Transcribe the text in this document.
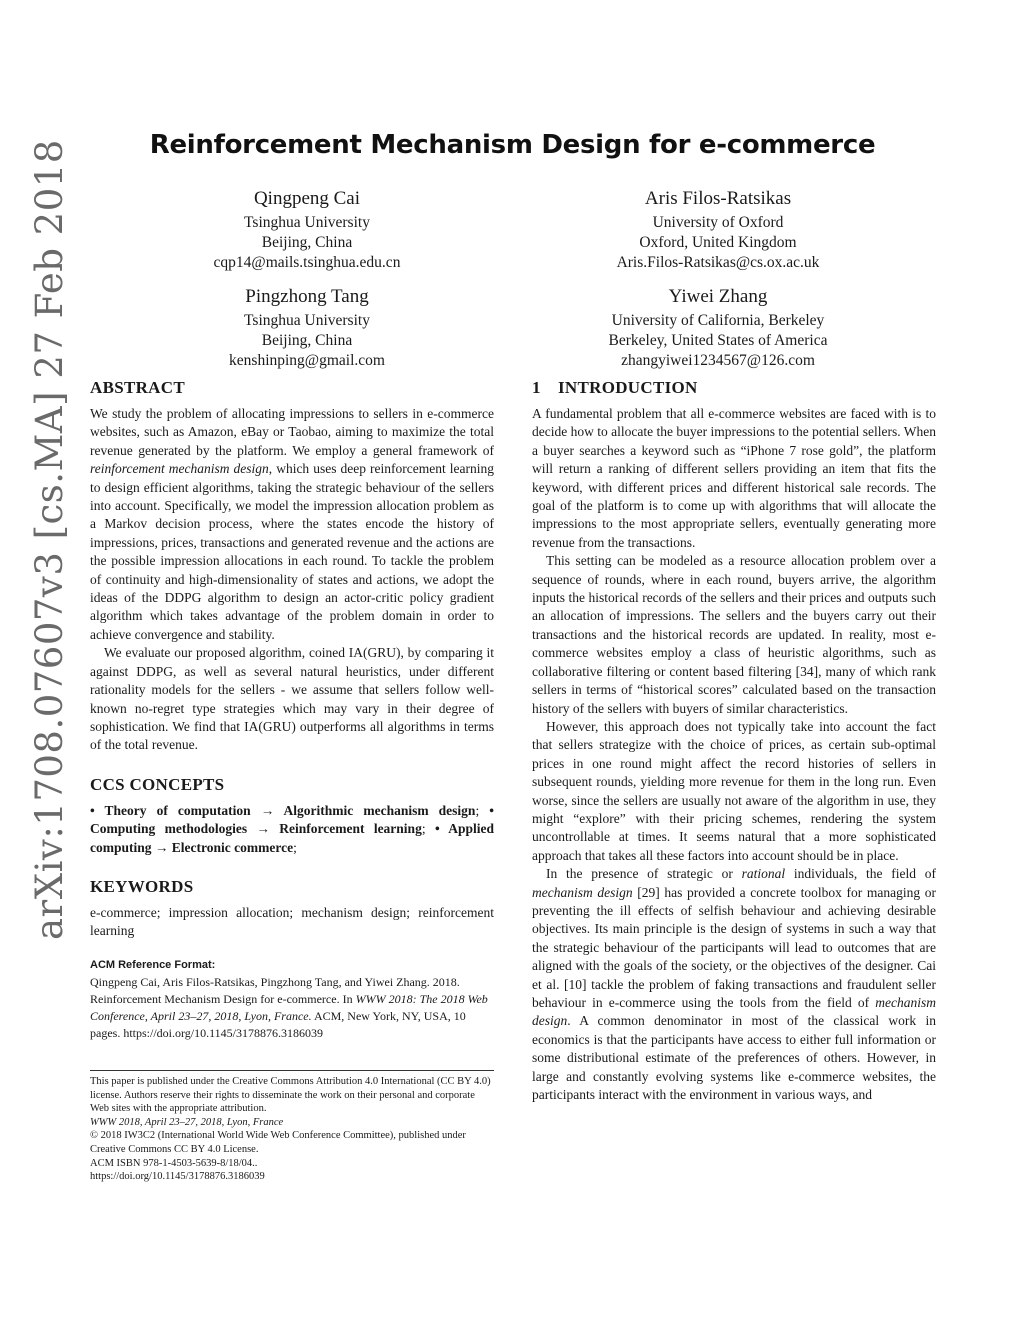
arXiv:1708.07607v3 [cs.MA] 27 Feb 2018	Reinforcement Mechanism Design for e-commerce
Qingpeng Cai
Tsinghua University
Beijing, China
cqp14@mails.tsinghua.edu.cn
Aris Filos-Ratsikas
University of Oxford
Oxford, United Kingdom
Aris.Filos-Ratsikas@cs.ox.ac.uk
Pingzhong Tang
Tsinghua University
Beijing, China
kenshinping@gmail.com
Yiwei Zhang
University of California, Berkeley
Berkeley, United States of America
zhangyiwei1234567@126.com
ABSTRACT

We study the problem of allocating impressions to sellers in e-commerce websites, such as Amazon, eBay or Taobao, aiming to maximize the total revenue generated by the platform. We employ a general framework of reinforcement mechanism design, which uses deep reinforcement learning to design efficient algorithms, taking the strategic behaviour of the sellers into account. Specifically, we model the impression allocation problem as a Markov decision process, where the states encode the history of impressions, prices, transactions and generated revenue and the actions are the possible impression allocations in each round. To tackle the problem of continuity and high-dimensionality of states and actions, we adopt the ideas of the DDPG algorithm to design an actor-critic policy gradient algorithm which takes advantage of the problem domain in order to achieve convergence and stability.

We evaluate our proposed algorithm, coined IA(GRU), by comparing it against DDPG, as well as several natural heuristics, under different rationality models for the sellers - we assume that sellers follow well-known no-regret type strategies which may vary in their degree of sophistication. We find that IA(GRU) outperforms all algorithms in terms of the total revenue.

CCS CONCEPTS
• Theory of computation → Algorithmic mechanism design; • Computing methodologies → Reinforcement learning; • Applied computing → Electronic commerce;
KEYWORDS

e-commerce; impression allocation; mechanism design; reinforcement learning

ACM Reference Format:
Qingpeng Cai, Aris Filos-Ratsikas, Pingzhong Tang, and Yiwei Zhang. 2018. Reinforcement Mechanism Design for e-commerce. In WWW 2018: The 2018 Web Conference, April 23–27, 2018, Lyon, France. ACM, New York, NY, USA, 10 pages. https://doi.org/10.1145/3178876.3186039
This paper is published under the Creative Commons Attribution 4.0 International (CC BY 4.0) license. Authors reserve their rights to disseminate the work on their personal and corporate Web sites with the appropriate attribution.
WWW 2018, April 23–27, 2018, Lyon, France
© 2018 IW3C2 (International World Wide Web Conference Committee), published under Creative Commons CC BY 4.0 License.
ACM ISBN 978-1-4503-5639-8/18/04..
https://doi.org/10.1145/3178876.3186039
1 INTRODUCTION

A fundamental problem that all e-commerce websites are faced with is to decide how to allocate the buyer impressions to the potential sellers. When a buyer searches a keyword such as “iPhone 7 rose gold”, the platform will return a ranking of different sellers providing an item that fits the keyword, with different prices and different historical sale records. The goal of the platform is to come up with algorithms that will allocate the impressions to the most appropriate sellers, eventually generating more revenue from the transactions.

This setting can be modeled as a resource allocation problem over a sequence of rounds, where in each round, buyers arrive, the algorithm inputs the historical records of the sellers and their prices and outputs such an allocation of impressions. The sellers and the buyers carry out their transactions and the historical records are updated. In reality, most e-commerce websites employ a class of heuristic algorithms, such as collaborative filtering or content based filtering [34], many of which rank sellers in terms of “historical scores” calculated based on the transaction history of the sellers with buyers of similar characteristics.

However, this approach does not typically take into account the fact that sellers strategize with the choice of prices, as certain sub-optimal prices in one round might affect the record histories of sellers in subsequent rounds, yielding more revenue for them in the long run. Even worse, since the sellers are usually not aware of the algorithm in use, they might “explore” with their pricing schemes, rendering the system uncontrollable at times. It seems natural that a more sophisticated approach that takes all these factors into account should be in place.

In the presence of strategic or rational individuals, the field of mechanism design [29] has provided a concrete toolbox for managing or preventing the ill effects of selfish behaviour and achieving desirable objectives. Its main principle is the design of systems in such a way that the strategic behaviour of the participants will lead to outcomes that are aligned with the goals of the society, or the objectives of the designer. Cai et al. [10] tackle the problem of faking transactions and fraudulent seller behaviour in e-commerce using the tools from the field of mechanism design. A common denominator in most of the classical work in economics is that the participants have access to either full information or some distributional estimate of the preferences of others. However, in large and constantly evolving systems like e-commerce websites, the participants interact with the environment in various ways, and
